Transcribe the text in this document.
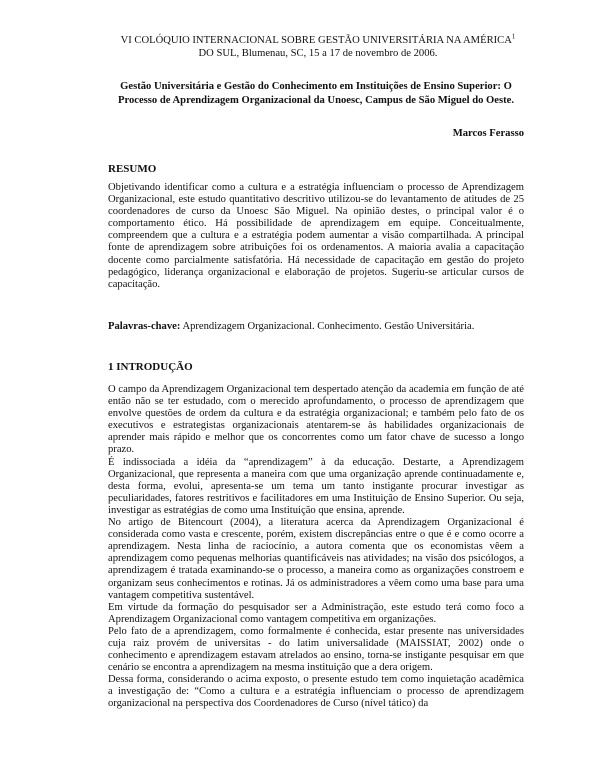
VI COLÓQUIO INTERNACIONAL SOBRE GESTÃO UNIVERSITÁRIA NA AMÉRICA$^1$
DO SUL, Blumenau, SC, 15 a 17 de novembro de 2006.
Gestão Universitária e Gestão do Conhecimento em Instituições de Ensino Superior: O Processo de Aprendizagem Organizacional da Unoesc, Campus de São Miguel do Oeste.
Marcos Ferasso
RESUMO

Objetivando identificar como a cultura e a estratégia influenciam o processo de Aprendizagem Organizacional, este estudo quantitativo descritivo utilizou-se do levantamento de atitudes de 25 coordenadores de curso da Unoesc São Miguel. Na opinião destes, o principal valor é o comportamento ético. Há possibilidade de aprendizagem em equipe. Conceitualmente, compreendem que a cultura e a estratégia podem aumentar a visão compartilhada. A principal fonte de aprendizagem sobre atribuições foi os ordenamentos. A maioria avalia a capacitação docente como parcialmente satisfatória. Há necessidade de capacitação em gestão do projeto pedagógico, liderança organizacional e elaboração de projetos. Sugeriu-se articular cursos de capacitação.

Palavras-chave: Aprendizagem Organizacional. Conhecimento. Gestão Universitária.
1 INTRODUÇÃO

O campo da Aprendizagem Organizacional tem despertado atenção da academia em função de até então não se ter estudado, com o merecido aprofundamento, o processo de aprendizagem que envolve questões de ordem da cultura e da estratégia organizacional; e também pelo fato de os executivos e estrategistas organizacionais atentarem-se às habilidades organizacionais de aprender mais rápido e melhor que os concorrentes como um fator chave de sucesso a longo prazo.

É indissociada a idéia da “aprendizagem” à da educação. Destarte, a Aprendizagem Organizacional, que representa a maneira com que uma organização aprende continuadamente e, desta forma, evolui, apresenta-se um tema um tanto instigante procurar investigar as peculiaridades, fatores restritivos e facilitadores em uma Instituição de Ensino Superior. Ou seja, investigar as estratégias de como uma Instituição que ensina, aprende.

No artigo de Bitencourt (2004), a literatura acerca da Aprendizagem Organizacional é considerada como vasta e crescente, porém, existem discrepâncias entre o que é e como ocorre a aprendizagem. Nesta linha de raciocínio, a autora comenta que os economistas vêem a aprendizagem como pequenas melhorias quantificáveis nas atividades; na visão dos psicólogos, a aprendizagem é tratada examinando-se o processo, a maneira como as organizações constroem e organizam seus conhecimentos e rotinas. Já os administradores a vêem como uma base para uma vantagem competitiva sustentável.

Em virtude da formação do pesquisador ser a Administração, este estudo terá como foco a Aprendizagem Organizacional como vantagem competitiva em organizações.

Pelo fato de a aprendizagem, como formalmente é conhecida, estar presente nas universidades cuja raiz provém de universitas - do latim universalidade (MAISSIAT, 2002) onde o conhecimento e aprendizagem estavam atrelados ao ensino, torna-se instigante pesquisar em que cenário se encontra a aprendizagem na mesma instituição que a dera origem.

Dessa forma, considerando o acima exposto, o presente estudo tem como inquietação acadêmica a investigação de: “Como a cultura e a estratégia influenciam o processo de aprendizagem organizacional na perspectiva dos Coordenadores de Curso (nível tático) da
